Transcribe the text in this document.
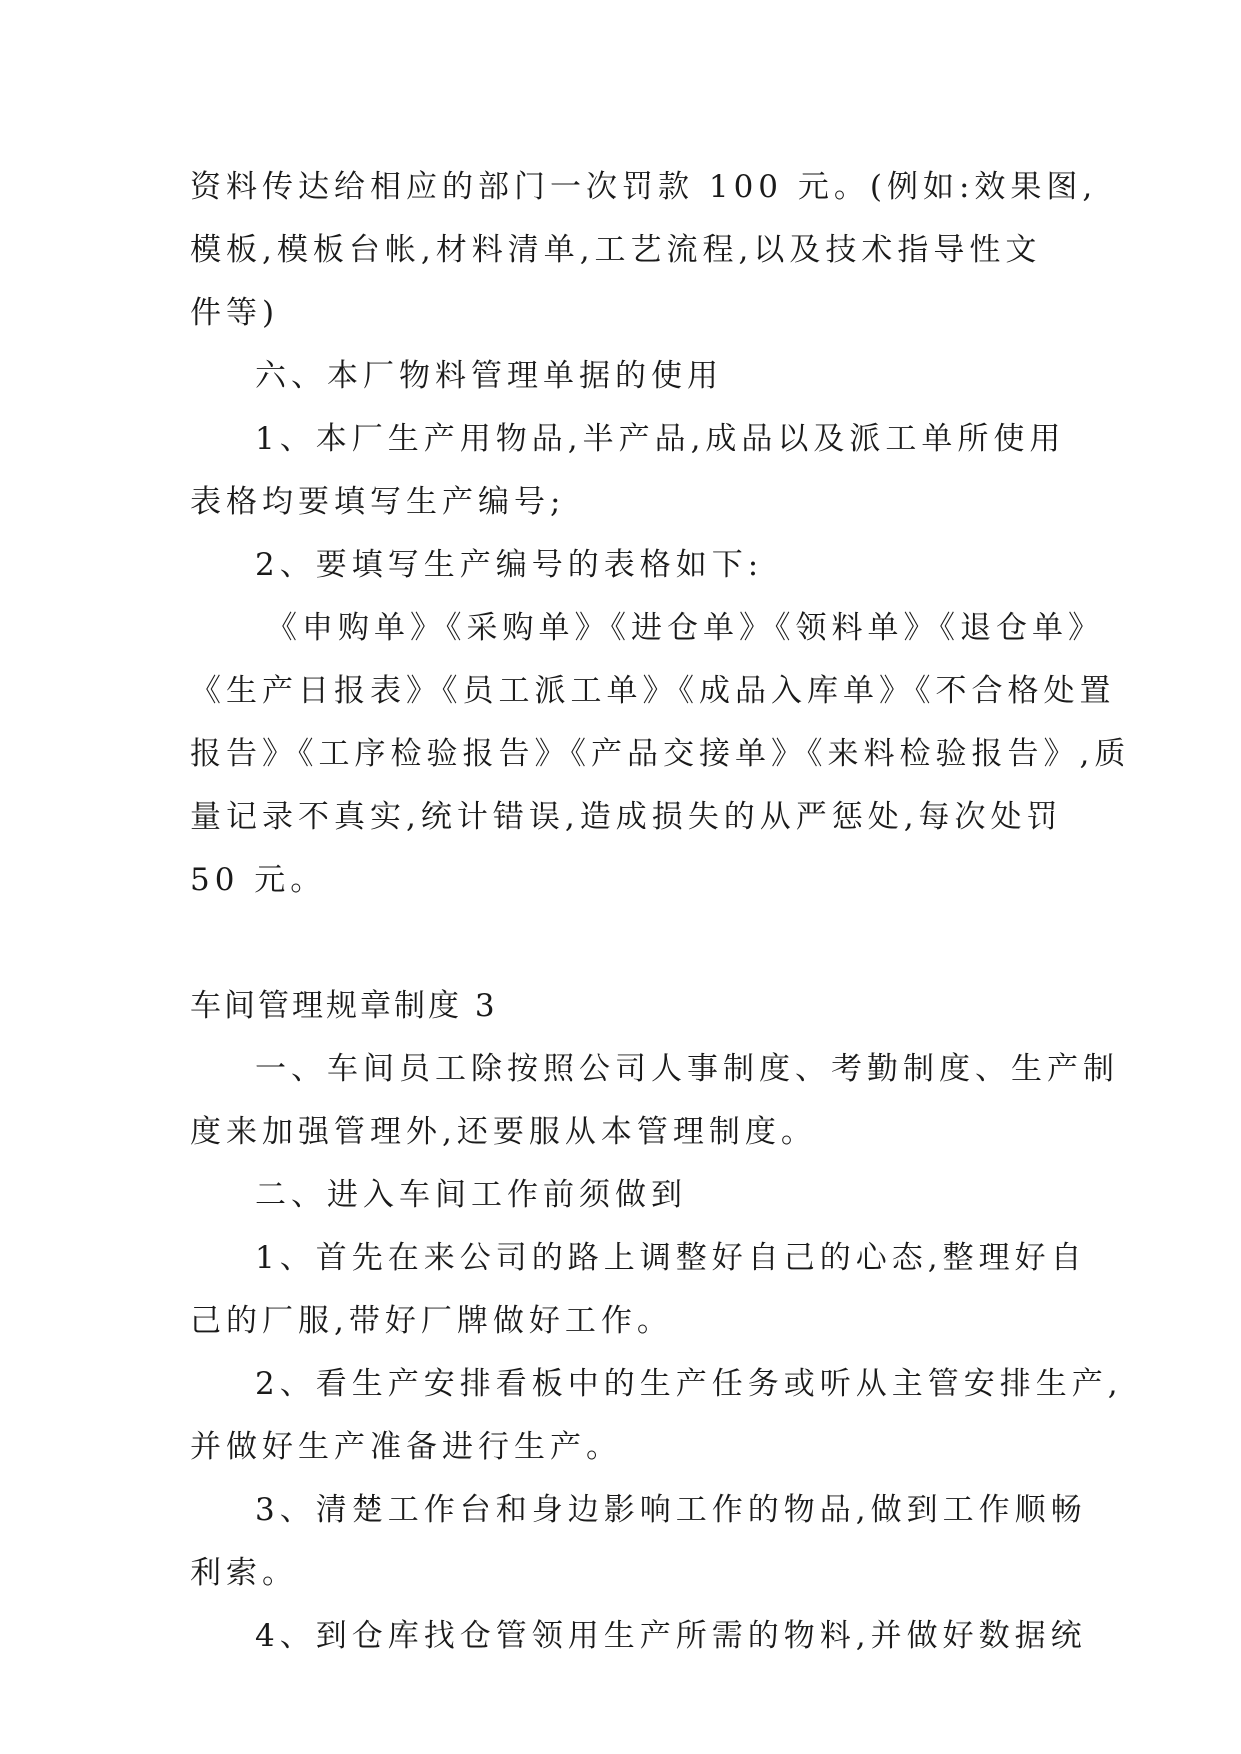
资料传达给相应的部门一次罚款 100 元。(例如:效果图,
模板,模板台帐,材料清单,工艺流程,以及技术指导性文
件等)
六、本厂物料管理单据的使用
1、本厂生产用物品,半产品,成品以及派工单所使用
表格均要填写生产编号;
2、要填写生产编号的表格如下:
《申购单》《采购单》《进仓单》《领料单》《退仓单》
《生产日报表》《员工派工单》《成品入库单》《不合格处置
报告》《工序检验报告》《产品交接单》《来料检验报告》,质
量记录不真实,统计错误,造成损失的从严惩处,每次处罚
50 元。
车间管理规章制度 3
一、车间员工除按照公司人事制度、考勤制度、生产制
度来加强管理外,还要服从本管理制度。
二、进入车间工作前须做到
1、首先在来公司的路上调整好自己的心态,整理好自
己的厂服,带好厂牌做好工作。
2、看生产安排看板中的生产任务或听从主管安排生产,
并做好生产准备进行生产。
3、清楚工作台和身边影响工作的物品,做到工作顺畅
利索。
4、到仓库找仓管领用生产所需的物料,并做好数据统
